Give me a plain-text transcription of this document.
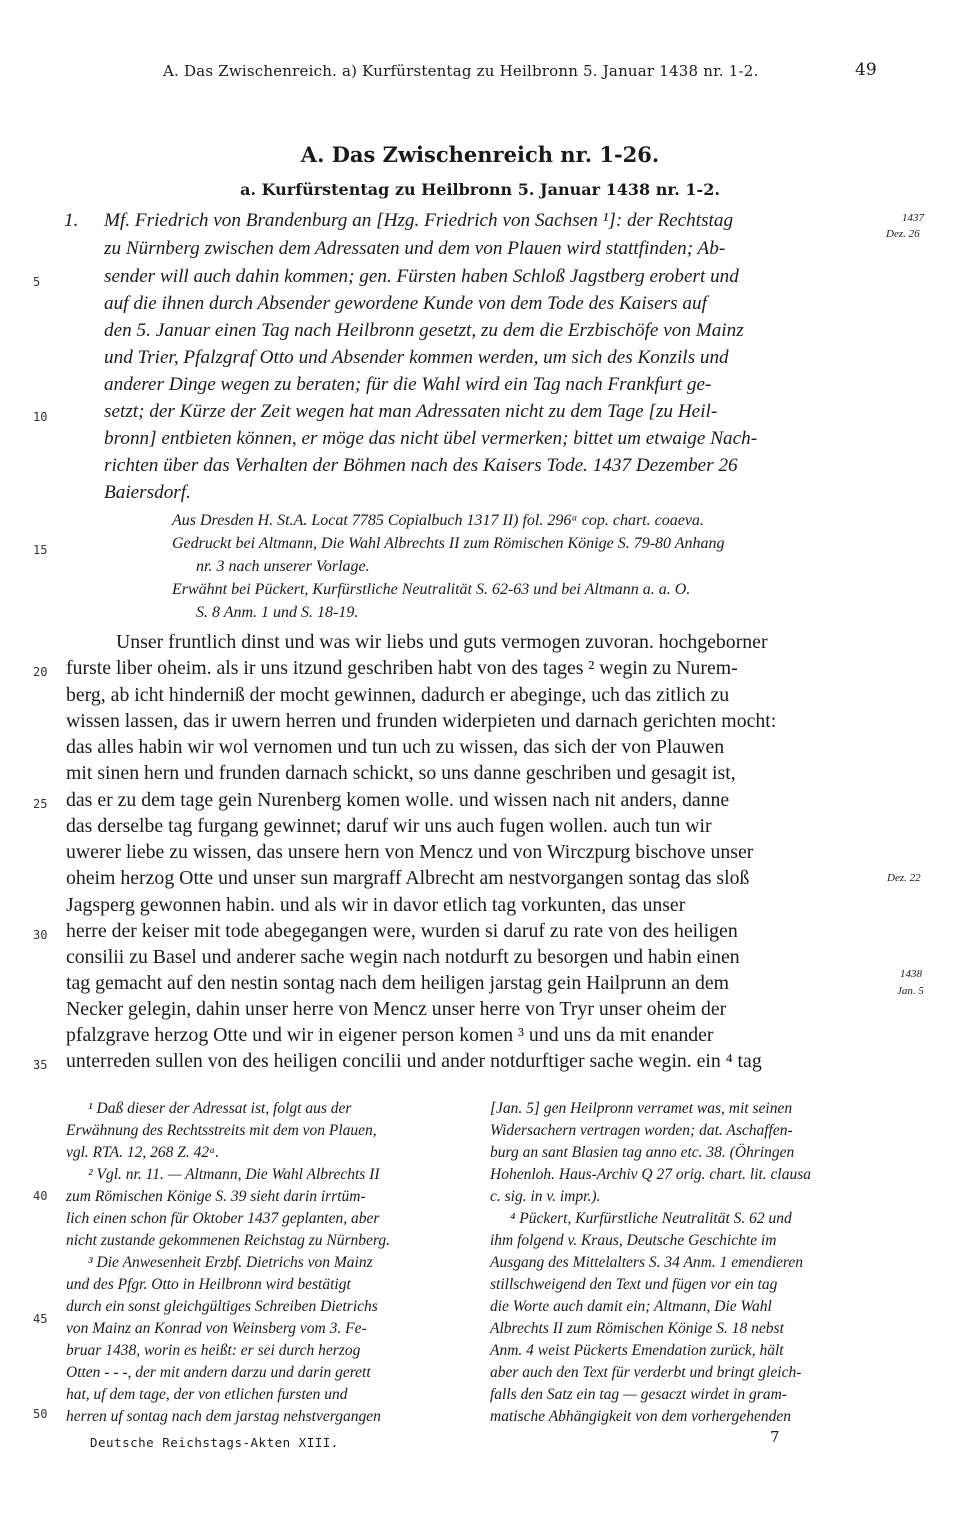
A. Das Zwischenreich. a) Kurfürstentag zu Heilbronn 5. Januar 1438 nr. 1-2.	49
A. Das Zwischenreich nr. 1-26.
a. Kurfürstentag zu Heilbronn 5. Januar 1438 nr. 1-2.
1. Mf. Friedrich von Brandenburg an [Hzg. Friedrich von Sachsen ¹]: der Rechtstag
zu Nürnberg zwischen dem Adressaten und dem von Plauen wird stattfinden; Ab-
sender will auch dahin kommen; gen. Fürsten haben Schloß Jagstberg erobert und
auf die ihnen durch Absender gewordene Kunde von dem Tode des Kaisers auf
den 5. Januar einen Tag nach Heilbronn gesetzt, zu dem die Erzbischöfe von Mainz
und Trier, Pfalzgraf Otto und Absender kommen werden, um sich des Konzils und
anderer Dinge wegen zu beraten; für die Wahl wird ein Tag nach Frankfurt ge-
setzt; der Kürze der Zeit wegen hat man Adressaten nicht zu dem Tage [zu Heil-
bronn] entbieten können, er möge das nicht übel vermerken; bittet um etwaige Nach-
richten über das Verhalten der Böhmen nach des Kaisers Tode. 1437 Dezember 26
Baiersdorf.
Aus Dresden H. St.A. Locat 7785 Copialbuch 1317 II) fol. 296ᵃ cop. chart. coaeva.
Gedruckt bei Altmann, Die Wahl Albrechts II zum Römischen Könige S. 79-80 Anhang
nr. 3 nach unserer Vorlage.
Erwähnt bei Pückert, Kurfürstliche Neutralität S. 62-63 und bei Altmann a. a. O.
S. 8 Anm. 1 und S. 18-19.
Unser fruntlich dinst und was wir liebs und guts vermogen zuvoran. hochgeborner
furste liber oheim. als ir uns itzund geschriben habt von des tages ² wegin zu Nurem-
berg, ab icht hinderniß der mocht gewinnen, dadurch er abeginge, uch das zitlich zu
wissen lassen, das ir uwern herren und frunden widerpieten und darnach gerichten mocht:
das alles habin wir wol vernomen und tun uch zu wissen, das sich der von Plauwen
mit sinen hern und frunden darnach schickt, so uns danne geschriben und gesagit ist,
das er zu dem tage gein Nurenberg komen wolle. und wissen nach nit anders, danne
das derselbe tag furgang gewinnet; daruf wir uns auch fugen wollen. auch tun wir
uwerer liebe zu wissen, das unsere hern von Mencz und von Wirczpurg bischove unser
oheim herzog Otte und unser sun margraff Albrecht am nestvorgangen sontag das sloß
Jagsperg gewonnen habin. und als wir in davor etlich tag vorkunten, das unser
herre der keiser mit tode abegegangen were, wurden si daruf zu rate von des heiligen
consilii zu Basel und anderer sache wegin nach notdurft zu besorgen und habin einen
tag gemacht auf den nestin sontag nach dem heiligen jarstag gein Hailprunn an dem
Necker gelegin, dahin unser herre von Mencz unser herre von Tryr unser oheim der
pfalzgrave herzog Otte und wir in eigener person komen ³ und uns da mit enander
unterreden sullen von des heiligen concilii und ander notdurftiger sache wegin. ein ⁴ tag
5
10
15
20
25
30
35
40
45
50
1437
Dez. 26
Dez. 22
1438
Jan. 5
¹ Daß dieser der Adressat ist, folgt aus der
Erwähnung des Rechtsstreits mit dem von Plauen,
vgl. RTA. 12, 268 Z. 42ᵃ.
² Vgl. nr. 11. — Altmann, Die Wahl Albrechts II
zum Römischen Könige S. 39 sieht darin irrtüm-
lich einen schon für Oktober 1437 geplanten, aber
nicht zustande gekommenen Reichstag zu Nürnberg.
³ Die Anwesenheit Erzbf. Dietrichs von Mainz
und des Pfgr. Otto in Heilbronn wird bestätigt
durch ein sonst gleichgültiges Schreiben Dietrichs
von Mainz an Konrad von Weinsberg vom 3. Fe-
bruar 1438, worin es heißt: er sei durch herzog
Otten - - -, der mit andern darzu und darin gerett
hat, uf dem tage, der von etlichen fursten und
herren uf sontag nach dem jarstag nehstvergangen
[Jan. 5] gen Heilpronn verramet was, mit seinen
Widersachern vertragen worden; dat. Aschaffen-
burg an sant Blasien tag anno etc. 38. (Öhringen
Hohenloh. Haus-Archiv Q 27 orig. chart. lit. clausa
c. sig. in v. impr.).
⁴ Pückert, Kurfürstliche Neutralität S. 62 und
ihm folgend v. Kraus, Deutsche Geschichte im
Ausgang des Mittelalters S. 34 Anm. 1 emendieren
stillschweigend den Text und fügen vor ein tag
die Worte auch damit ein; Altmann, Die Wahl
Albrechts II zum Römischen Könige S. 18 nebst
Anm. 4 weist Pückerts Emendation zurück, hält
aber auch den Text für verderbt und bringt gleich-
falls den Satz ein tag — gesaczt wirdet in gram-
matische Abhängigkeit von dem vorhergehenden
Deutsche Reichstags-Akten XIII.	7
